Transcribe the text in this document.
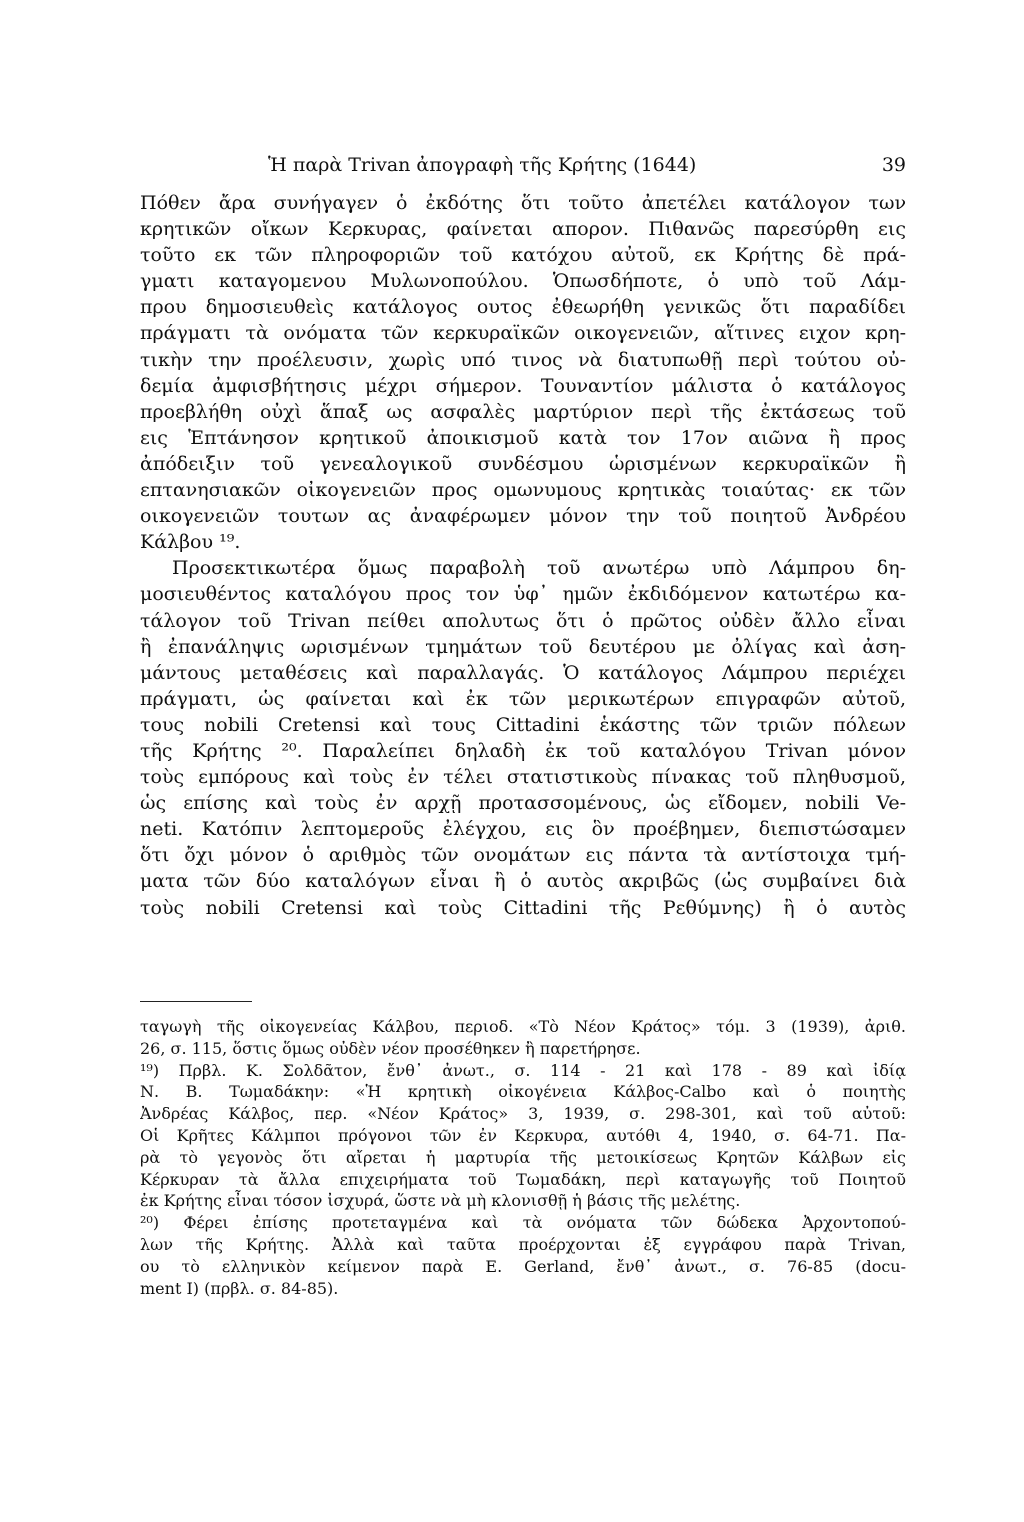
Ἡ παρὰ Trivan ἀπογραφὴ τῆς Κρήτης (1644)	39
Πόθεν ἄρα συνήγαγεν ὁ ἐκδότης ὅτι τοῦτο ἀπετέλει κατάλογον των
κρητικῶν οἴκων Κερκυρας, φαίνεται απορον. Πιθανῶς παρεσύρθη εις
τοῦτο εκ τῶν πληροφοριῶν τοῦ κατόχου αὐτοῦ, εκ Κρήτης δὲ πρά-
γματι καταγομενου Μυλωνοπούλου. Ὁπωσδήποτε, ὁ υπὸ τοῦ Λάμ-
πρου δημοσιευθεὶς κατάλογος ουτος ἐθεωρήθη γενικῶς ὅτι παραδίδει
πράγματι τὰ ονόματα τῶν κερκυραϊκῶν οικογενειῶν, αἵτινες ειχον κρη-
τικὴν την προέλευσιν, χωρὶς υπό τινος νὰ διατυπωθῇ περὶ τούτου οὐ-
δεμία ἀμφισβήτησις μέχρι σήμερον. Τουναντίον μάλιστα ὁ κατάλογος
προεβλήθη οὐχὶ ἅπαξ ως ασφαλὲς μαρτύριον περὶ τῆς ἐκτάσεως τοῦ
εις Ἑπτάνησον κρητικοῦ ἀποικισμοῦ κατὰ τον 17ον αιῶνα ἢ προς
ἀπόδειξιν τοῦ γενεαλογικοῦ συνδέσμου ὡρισμένων κερκυραϊκῶν ἢ
επτανησιακῶν οἰκογενειῶν προς ομωνυμους κρητικὰς τοιαύτας· εκ τῶν
οικογενειῶν τουτων ας ἀναφέρωμεν μόνον την τοῦ ποιητοῦ Ἀνδρέου
Κάλβου ¹⁹.
Προσεκτικωτέρα ὅμως παραβολὴ τοῦ ανωτέρω υπὸ Λάμπρου δη-
μοσιευθέντος καταλόγου προς τον ὑφ᾽ ημῶν ἐκδιδόμενον κατωτέρω κα-
τάλογον τοῦ Trivan πείθει απολυτως ὅτι ὁ πρῶτος οὐδὲν ἄλλο εἶναι
ἢ ἐπανάληψις ωρισμένων τμημάτων τοῦ δευτέρου με ὀλίγας καὶ ἀση-
μάντους μεταθέσεις καὶ παραλλαγάς. Ὁ κατάλογος Λάμπρου περιέχει
πράγματι, ὡς φαίνεται καὶ ἐκ τῶν μερικωτέρων επιγραφῶν αὐτοῦ,
τους nobili Cretensi καὶ τους Cittadini ἑκάστης τῶν τριῶν πόλεων
τῆς Κρήτης ²⁰. Παραλείπει δηλαδὴ ἐκ τοῦ καταλόγου Trivan μόνον
τοὺς εμπόρους καὶ τοὺς ἐν τέλει στατιστικοὺς πίνακας τοῦ πληθυσμοῦ,
ὡς επίσης καὶ τοὺς ἐν αρχῇ προτασσομένους, ὡς εἴδομεν, nobili Ve-
neti. Κατόπιν λεπτομεροῦς ἐλέγχου, εις ὃν προέβημεν, διεπιστώσαμεν
ὅτι ὄχι μόνον ὁ αριθμὸς τῶν ονομάτων εις πάντα τὰ αντίστοιχα τμή-
ματα τῶν δύο καταλόγων εἶναι ἢ ὁ αυτὸς ακριβῶς (ὡς συμβαίνει διὰ
τοὺς nobili Cretensi καὶ τοὺς Cittadini τῆς Ρεθύμνης) ἢ ὁ αυτὸς
ταγωγὴ τῆς οἰκογενείας Κάλβου, περιοδ. «Τὸ Νέον Κράτος» τόμ. 3 (1939), ἀριθ.
26, σ. 115, ὅστις ὅμως οὐδὲν νέον προσέθηκεν ἢ παρετήρησε.
¹⁹) Πρβλ. Κ. Σολδᾶτον, ἔνθ᾽ ἀνωτ., σ. 114 - 21 καὶ 178 - 89 καὶ ἰδίᾳ
Ν. Β. Τωμαδάκην: «Ἡ κρητικὴ οἰκογένεια Κάλβος-Calbo καὶ ὁ ποιητὴς
Ἀνδρέας Κάλβος, περ. «Νέον Κράτος» 3, 1939, σ. 298-301, καὶ τοῦ αὐτοῦ:
Οἱ Κρῆτες Κάλμποι πρόγονοι τῶν ἐν Κερκυρα, αυτόθι 4, 1940, σ. 64-71. Πα-
ρὰ τὸ γεγονὸς ὅτι αἴρεται ἡ μαρτυρία τῆς μετοικίσεως Κρητῶν Κάλβων εἰς
Κέρκυραν τὰ ἄλλα επιχειρήματα τοῦ Τωμαδάκη, περὶ καταγωγῆς τοῦ Ποιητοῦ
ἐκ Κρήτης εἶναι τόσον ἰσχυρά, ὥστε νὰ μὴ κλονισθῇ ἡ βάσις τῆς μελέτης.
²⁰) Φέρει ἐπίσης προτεταγμένα καὶ τὰ ονόματα τῶν δώδεκα Ἀρχοντοπού-
λων τῆς Κρήτης. Ἀλλὰ καὶ ταῦτα προέρχονται ἐξ εγγράφου παρὰ Trivan,
ου τὸ ελληνικὸν κείμενον παρὰ Ε. Gerland, ἔνθ᾽ ἀνωτ., σ. 76-85 (docu-
ment I) (πρβλ. σ. 84-85).
